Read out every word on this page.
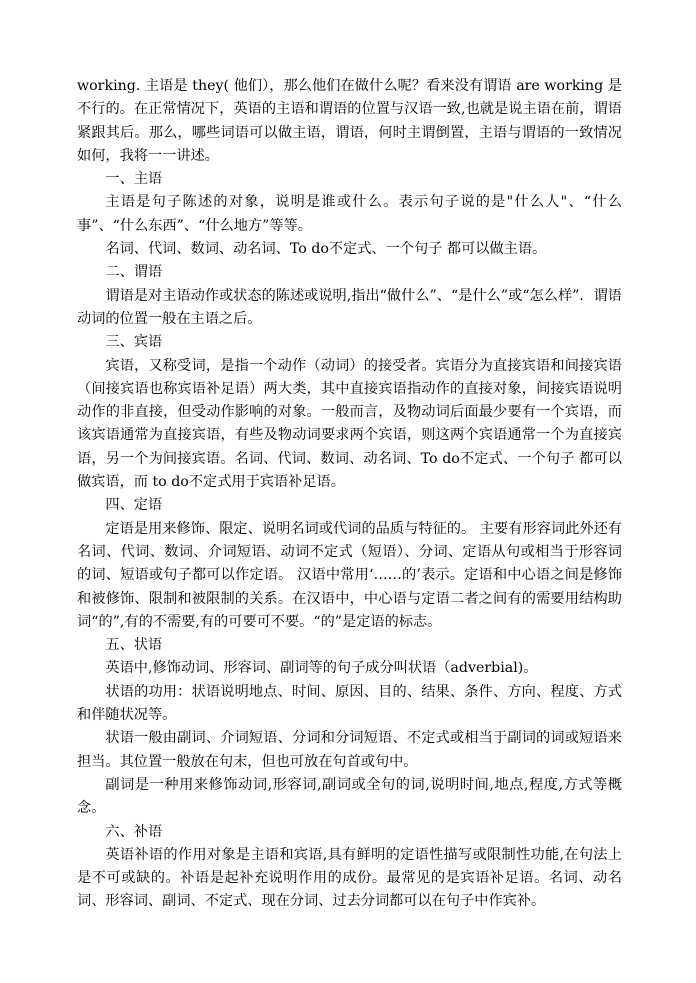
working. 主语是 they( 他们），那么他们在做什么呢？看来没有谓语 are working 是不行的。在正常情况下，英语的主语和谓语的位置与汉语一致,也就是说主语在前，谓语紧跟其后。那么，哪些词语可以做主语，谓语，何时主谓倒置，主语与谓语的一致情况如何，我将一一讲述。

一、主语

主语是句子陈述的对象，说明是谁或什么。表示句子说的是"什么人"、“什么事”、“什么东西”、“什么地方”等等。

名词、代词、数词、动名词、To do不定式、一个句子 都可以做主语。

二、谓语

谓语是对主语动作或状态的陈述或说明,指出“做什么”、“是什么”或“怎么样”．谓语动词的位置一般在主语之后。

三、宾语

宾语，又称受词，是指一个动作（动词）的接受者。宾语分为直接宾语和间接宾语（间接宾语也称宾语补足语）两大类，其中直接宾语指动作的直接对象，间接宾语说明动作的非直接，但受动作影响的对象。一般而言，及物动词后面最少要有一个宾语，而该宾语通常为直接宾语，有些及物动词要求两个宾语，则这两个宾语通常一个为直接宾语，另一个为间接宾语。名词、代词、数词、动名词、To do不定式、一个句子 都可以做宾语，而 to do不定式用于宾语补足语。

四、定语

定语是用来修饰、限定、说明名词或代词的品质与特征的。 主要有形容词此外还有名词、代词、数词、介词短语、动词不定式（短语）、分词、定语从句或相当于形容词的词、短语或句子都可以作定语。 汉语中常用‘……的’表示。定语和中心语之间是修饰和被修饰、限制和被限制的关系。在汉语中，中心语与定语二者之间有的需要用结构助词“的”,有的不需要,有的可要可不要。“的”是定语的标志。

五、状语

英语中,修饰动词、形容词、副词等的句子成分叫状语（adverbial)。

状语的功用：状语说明地点、时间、原因、目的、结果、条件、方向、程度、方式和伴随状况等。

状语一般由副词、介词短语、分词和分词短语、不定式或相当于副词的词或短语来担当。其位置一般放在句末，但也可放在句首或句中。

副词是一种用来修饰动词,形容词,副词或全句的词,说明时间,地点,程度,方式等概念。

六、补语

英语补语的作用对象是主语和宾语,具有鲜明的定语性描写或限制性功能,在句法上是不可或缺的。补语是起补充说明作用的成份。最常见的是宾语补足语。名词、动名词、形容词、副词、不定式、现在分词、过去分词都可以在句子中作宾补。
